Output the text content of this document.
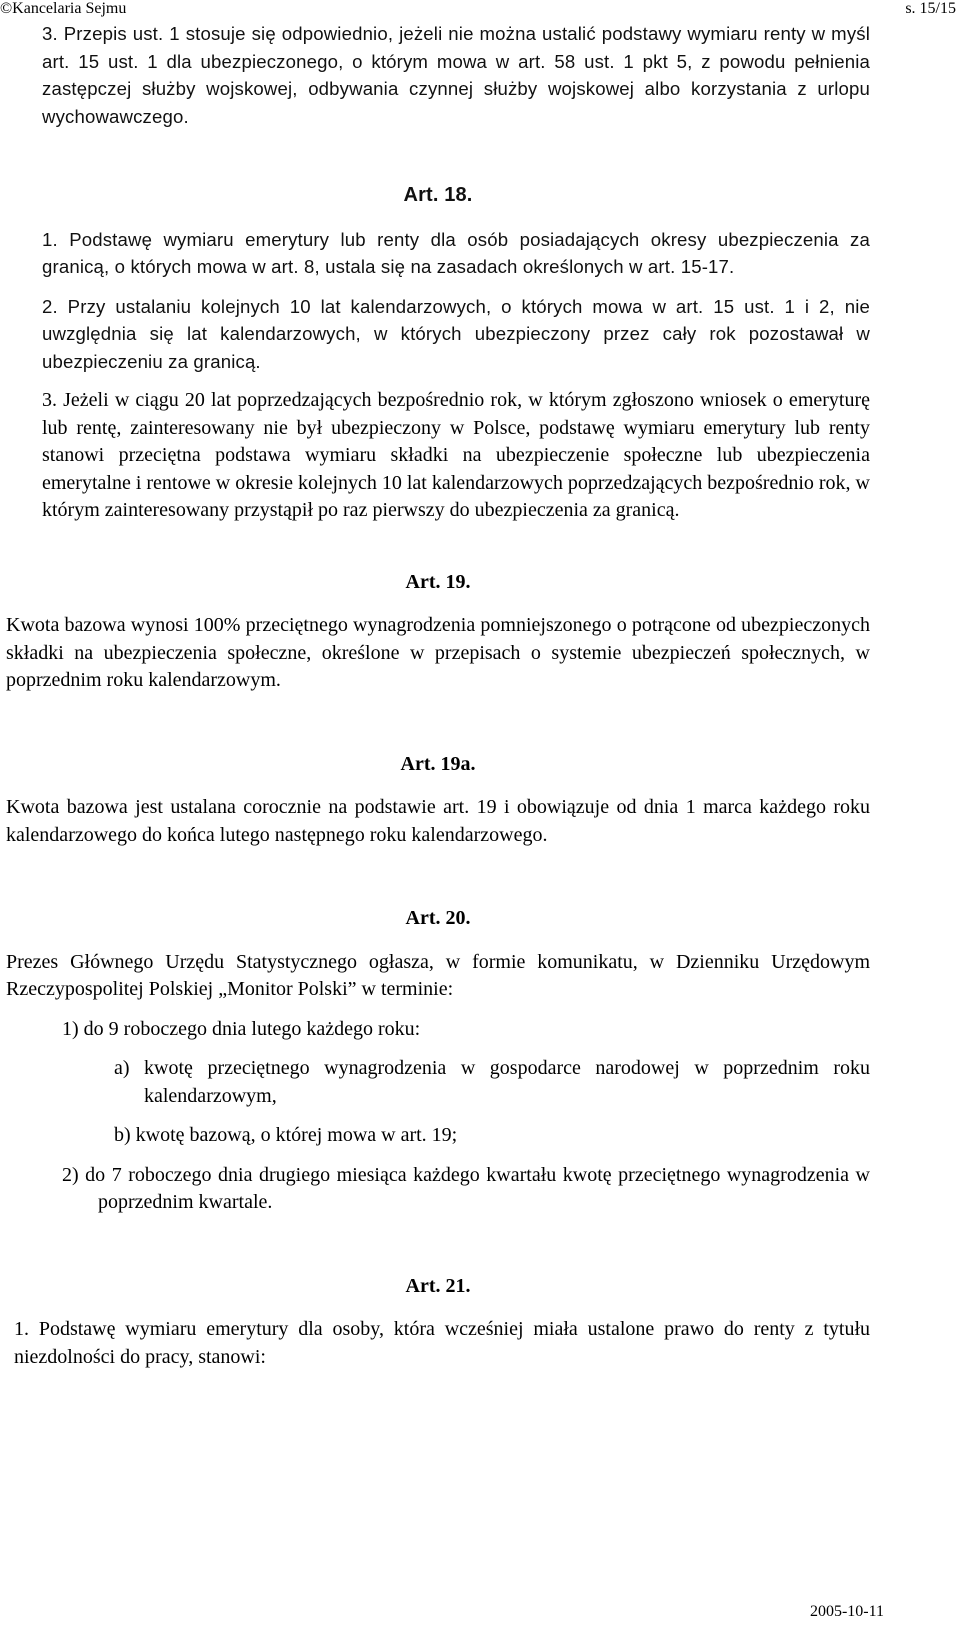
©Kancelaria Sejmu	s. 15/15

3. Przepis ust. 1 stosuje się odpowiednio, jeżeli nie można ustalić podstawy wymiaru renty w myśl art. 15 ust. 1 dla ubezpieczonego, o którym mowa w art. 58 ust. 1 pkt 5, z powodu pełnienia zastępczej służby wojskowej, odbywania czynnej służby wojskowej albo korzystania z urlopu wychowawczego.

Art. 18.

1. Podstawę wymiaru emerytury lub renty dla osób posiadających okresy ubezpieczenia za granicą, o których mowa w art. 8, ustala się na zasadach określonych w art. 15-17.

2. Przy ustalaniu kolejnych 10 lat kalendarzowych, o których mowa w art. 15 ust. 1 i 2, nie uwzględnia się lat kalendarzowych, w których ubezpieczony przez cały rok pozostawał w ubezpieczeniu za granicą.

3. Jeżeli w ciągu 20 lat poprzedzających bezpośrednio rok, w którym zgłoszono wniosek o emeryturę lub rentę, zainteresowany nie był ubezpieczony w Polsce, podstawę wymiaru emerytury lub renty stanowi przeciętna podstawa wymiaru składki na ubezpieczenie społeczne lub ubezpieczenia emerytalne i rentowe w okresie kolejnych 10 lat kalendarzowych poprzedzających bezpośrednio rok, w którym zainteresowany przystąpił po raz pierwszy do ubezpieczenia za granicą.

Art. 19.

Kwota bazowa wynosi 100% przeciętnego wynagrodzenia pomniejszonego o potrącone od ubezpieczonych składki na ubezpieczenia społeczne, określone w przepisach o systemie ubezpieczeń społecznych, w poprzednim roku kalendarzowym.

Art. 19a.

Kwota bazowa jest ustalana corocznie na podstawie art. 19 i obowiązuje od dnia 1 marca każdego roku kalendarzowego do końca lutego następnego roku kalendarzowego.

Art. 20.

Prezes Głównego Urzędu Statystycznego ogłasza, w formie komunikatu, w Dzienniku Urzędowym Rzeczypospolitej Polskiej „Monitor Polski” w terminie:

1) do 9 roboczego dnia lutego każdego roku:

a) kwotę przeciętnego wynagrodzenia w gospodarce narodowej w poprzednim roku kalendarzowym,

b) kwotę bazową, o której mowa w art. 19;

2) do 7 roboczego dnia drugiego miesiąca każdego kwartału kwotę przeciętnego wynagrodzenia w poprzednim kwartale.

Art. 21.

1. Podstawę wymiaru emerytury dla osoby, która wcześniej miała ustalone prawo do renty z tytułu niezdolności do pracy, stanowi:

2005-10-11
